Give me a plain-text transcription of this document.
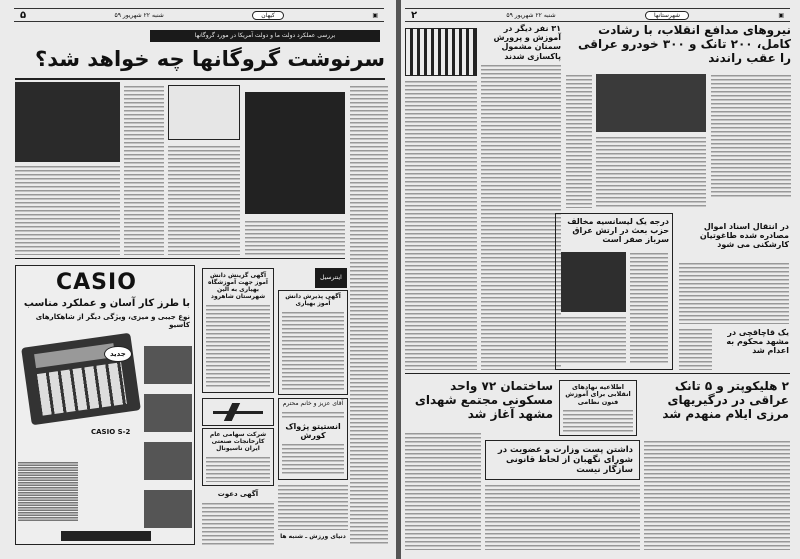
▣
کیهان
شنبه ۲۲ شهریور ۵۹
۵
بررسی عملکرد دولت ما و دولت آمریکا در مورد گروگانها
سرنوشت گروگانها چه خواهد شد؟
CASIO
با طرز کار آسان و عملکرد مناسب
نوع جیبی و میزی، ویژگی دیگر از شاهکارهای کاسیو
جدید
CASIO S-2
آگهی گزینش دانش آموز جهت آموزشگاه بهیاری به آلین شهرستان شاهرود
اینترسیل
آگهی پذیرش دانش آموز بهیاری
شرکت سهامی عام کارخانجات صنعتی ایران ناسیونال
آقای عزیز و خانم محترم
انستیتو پژواک کورش
آگهی دعوت
دنیای ورزش ـ شنبه ها
▣
شهرستانها
شنبه ۲۲ شهریور ۵۹
۲
۳۱ نفر دیگر در آموزش و پرورش سمنان مشمول پاکسازی شدند
نیروهای مدافع انقلاب، با رشادت کامل، ۲۰۰ تانک و ۳۰۰ خودرو عراقی را عقب راندند
درجه یک لیسانسیه مخالف حزب بعث در ارتش عراق سرباز صفر است
در انتقال اسناد اموال مصادره شده طاغوتیان کارشکنی می شود
یک قاچاقچی در مشهد محکوم به اعدام شد
ساختمان ۷۲ واحد مسکونی مجتمع شهدای مشهد آغاز شد
اطلاعیه نهادهای انقلابی برای آموزش فنون نظامی
۲ هلیکوپتر و ۵ تانک عراقی در درگیریهای مرزی ایلام منهدم شد
داشتن پست وزارت و عضویت در شورای نگهبان از لحاظ قانونی سازگار نیست
